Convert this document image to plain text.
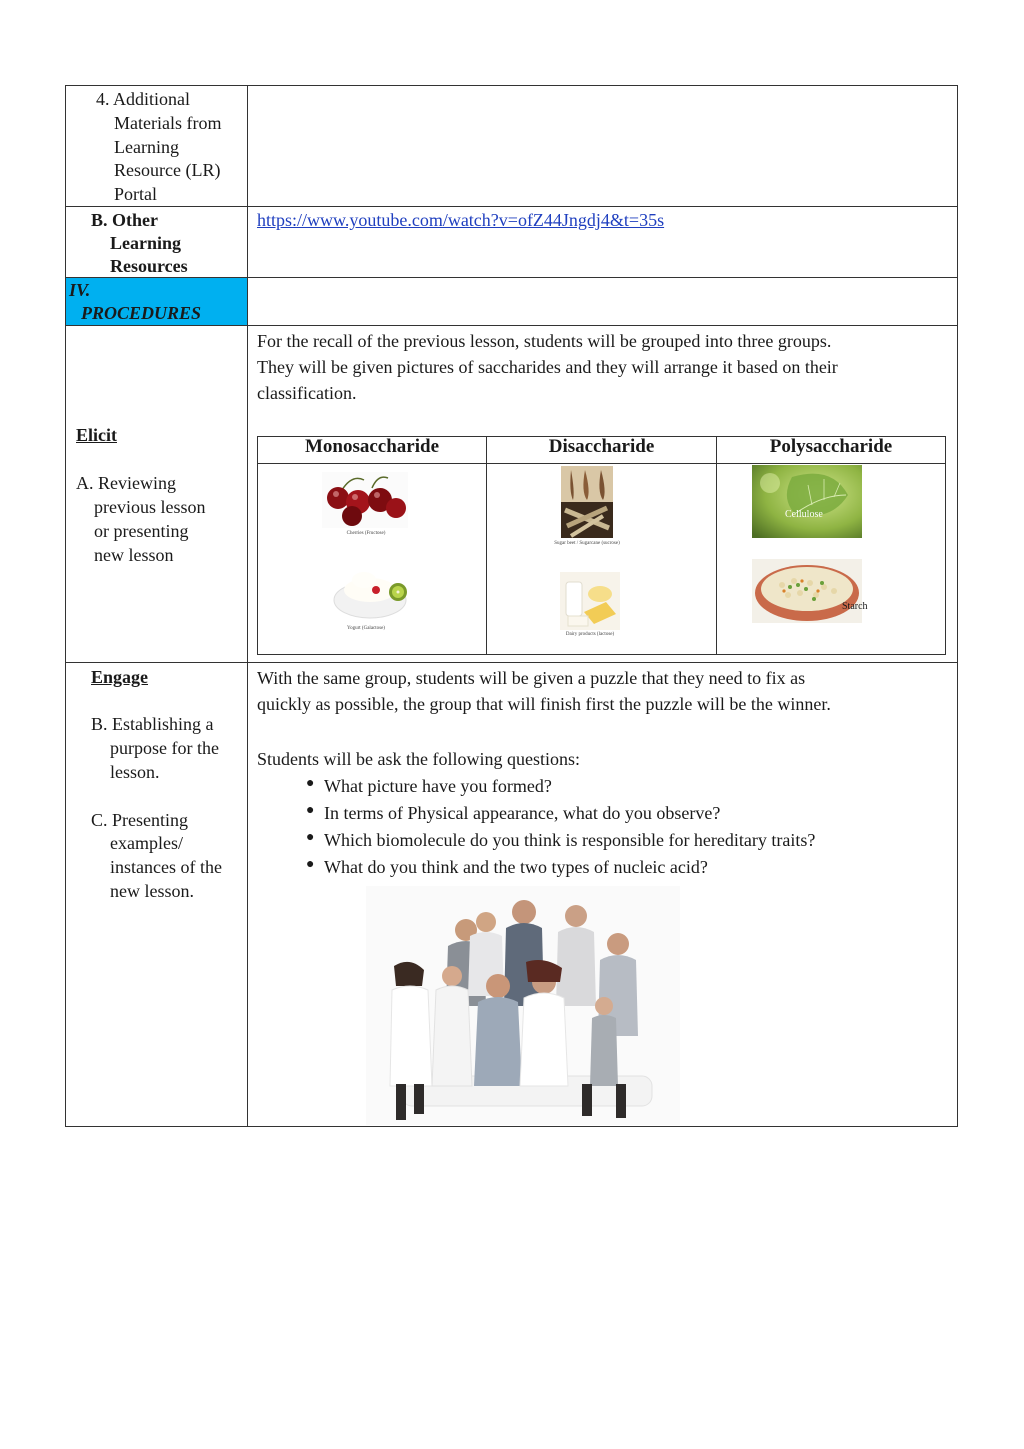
4. Additional
Materials from
Learning
Resource (LR)
Portal
B. Other
Learning
Resources
https://www.youtube.com/watch?v=ofZ44Jngdj4&t=35s
IV.
PROCEDURES
Elicit
A. Reviewing
previous lesson
or presenting
new lesson
For the recall of the previous lesson, students will be grouped into three groups.
They will be given pictures of saccharides and they will arrange it based on their
classification.
Monosaccharide	Disaccharide	Polysaccharide
Cherries (Fructose)
Yogurt (Galactose)
Sugar beet / Sugarcane (sucrose)
Dairy products (lactose)
Cellulose
Starch
Engage
B. Establishing a
purpose for the
lesson.
C. Presenting
examples/
instances of the
new lesson.
With the same group, students will be given a puzzle that they need to fix as
quickly as possible, the group that will finish first the puzzle will be the winner.
Students will be ask the following questions:
● What picture have you formed?
● In terms of Physical appearance, what do you observe?
● Which biomolecule do you think is responsible for hereditary traits?
● What do you think and the two types of nucleic acid?
